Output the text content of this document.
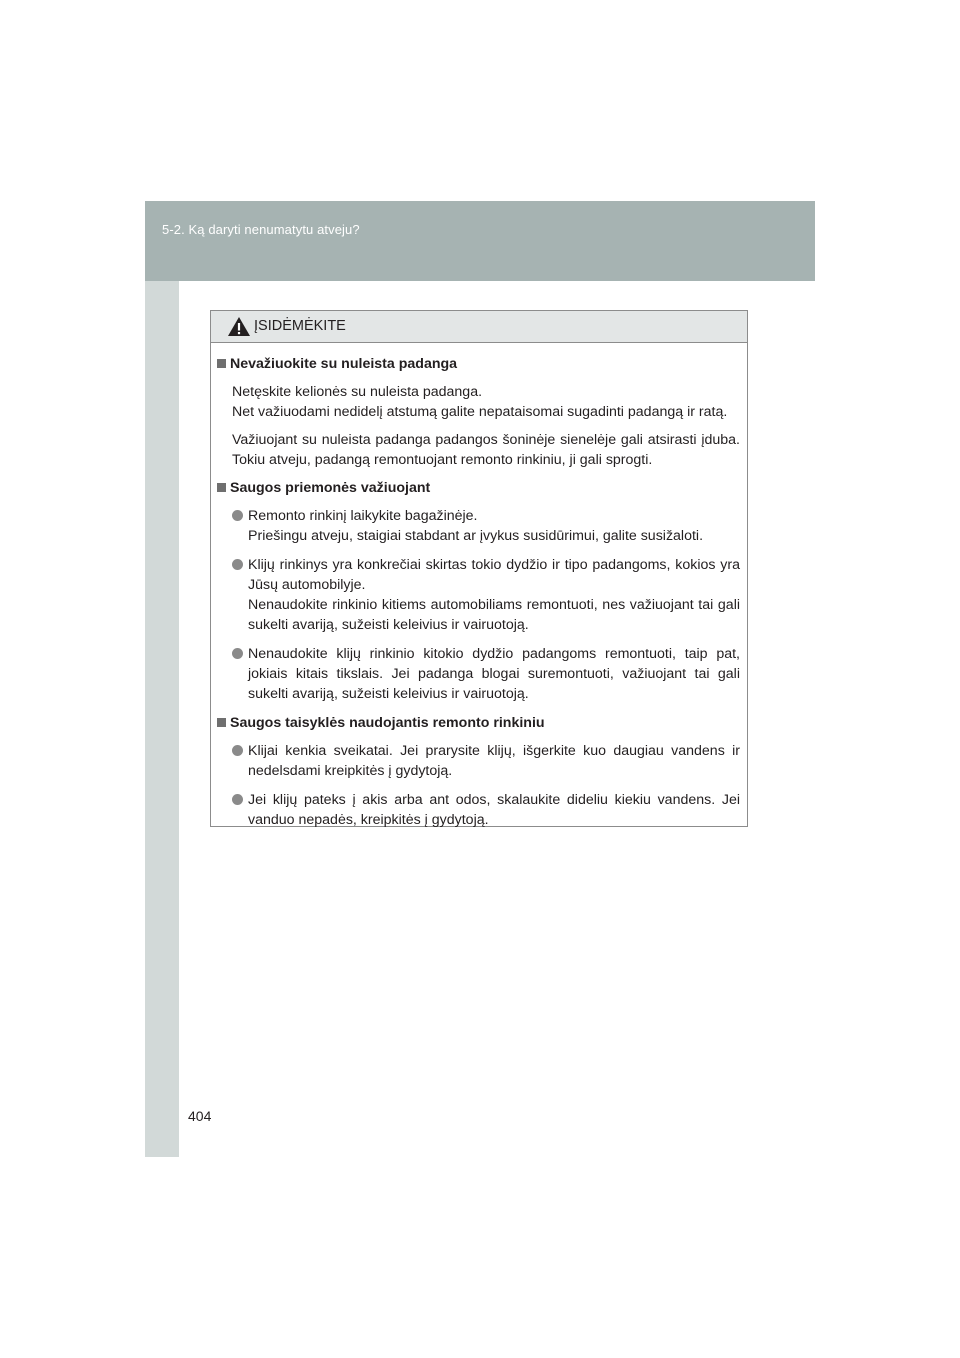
5-2. Ką daryti nenumatytu atveju?
404
ĮSIDĖMĖKITE
Nevažiuokite su nuleista padanga
Netęskite kelionės su nuleista padanga.
Net važiuodami nedidelį atstumą galite nepataisomai sugadinti padangą ir ratą.
Važiuojant su nuleista padanga padangos šoninėje sienelėje gali atsirasti įduba. Tokiu atveju, padangą remontuojant remonto rinkiniu, ji gali sprogti.
Saugos priemonės važiuojant
Remonto rinkinį laikykite bagažinėje.
Priešingu atveju, staigiai stabdant ar įvykus susidūrimui, galite susižaloti.
Klijų rinkinys yra konkrečiai skirtas tokio dydžio ir tipo padangoms, kokios yra Jūsų automobilyje.
Nenaudokite rinkinio kitiems automobiliams remontuoti, nes važiuojant tai gali sukelti avariją, sužeisti keleivius ir vairuotoją.
Nenaudokite klijų rinkinio kitokio dydžio padangoms remontuoti, taip pat, jokiais kitais tikslais. Jei padanga blogai suremontuoti, važiuojant tai gali sukelti avariją, sužeisti keleivius ir vairuotoją.
Saugos taisyklės naudojantis remonto rinkiniu
Klijai kenkia sveikatai. Jei prarysite klijų, išgerkite kuo daugiau vandens ir nedelsdami kreipkitės į gydytoją.
Jei klijų pateks į akis arba ant odos, skalaukite dideliu kiekiu vandens. Jei vanduo nepadės, kreipkitės į gydytoją.
